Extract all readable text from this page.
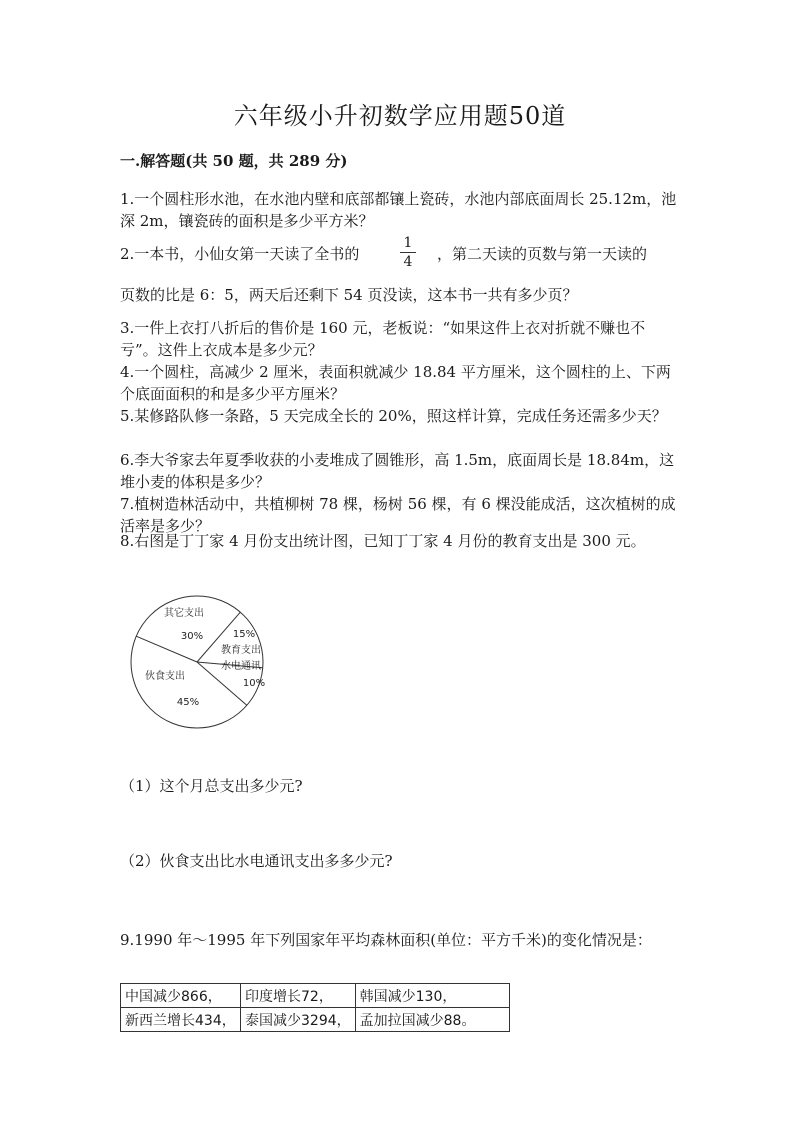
六年级小升初数学应用题50道
一.解答题(共 50 题，共 289 分)
1.一个圆柱形水池，在水池内壁和底部都镶上瓷砖，水池内部底面周长 25.12m，池深 2m，镶瓷砖的面积是多少平方米？
2.一本书，小仙女第一天读了全书的
1
4 ，第二天读的页数与第一天读的
页数的比是 6：5，两天后还剩下 54 页没读，这本书一共有多少页？
3.一件上衣打八折后的售价是 160 元，老板说：“如果这件上衣对折就不赚也不亏”。这件上衣成本是多少元？
4.一个圆柱，高减少 2 厘米，表面积就减少 18.84 平方厘米，这个圆柱的上、下两个底面面积的和是多少平方厘米？
5.某修路队修一条路，5 天完成全长的 20%，照这样计算，完成任务还需多少天？
6.李大爷家去年夏季收获的小麦堆成了圆锥形，高 1.5m，底面周长是 18.84m，这堆小麦的体积是多少？
7.植树造林活动中，共植柳树 78 棵，杨树 56 棵，有 6 棵没能成活，这次植树的成活率是多少？
8.右图是丁丁家 4 月份支出统计图，已知丁丁家 4 月份的教育支出是 300 元。
其它支出
30%	15%
教育支出
水电通讯
10%
伙食支出
45%
（1）这个月总支出多少元?
（2）伙食支出比水电通讯支出多多少元?
9.1990 年～1995 年下列国家年平均森林面积(单位：平方千米)的变化情况是：
中国减少866，	印度增长72，	韩国减少130，
新西兰增长434，	泰国减少3294，	孟加拉国减少88。
